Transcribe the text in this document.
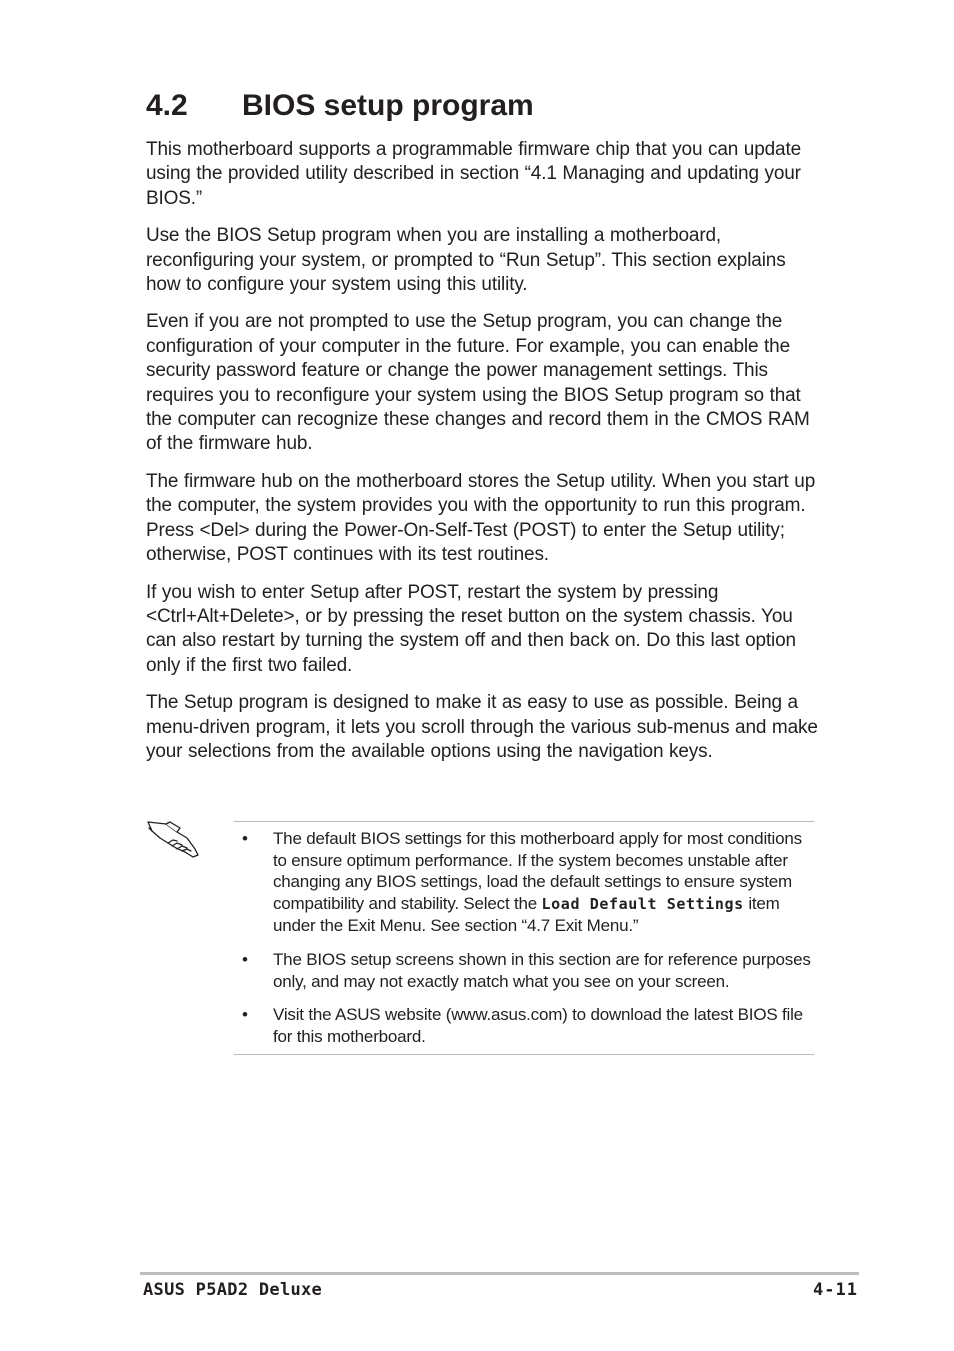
4.2 BIOS setup program

This motherboard supports a programmable firmware chip that you can update using the provided utility described in section “4.1 Managing and updating your BIOS.”

Use the BIOS Setup program when you are installing a motherboard, reconfiguring your system, or prompted to “Run Setup”. This section explains how to configure your system using this utility.

Even if you are not prompted to use the Setup program, you can change the configuration of your computer in the future. For example, you can enable the security password feature or change the power management settings. This requires you to reconfigure your system using the BIOS Setup program so that the computer can recognize these changes and record them in the CMOS RAM of the firmware hub.

The firmware hub on the motherboard stores the Setup utility. When you start up the computer, the system provides you with the opportunity to run this program. Press <Del> during the Power-On-Self-Test (POST) to enter the Setup utility; otherwise, POST continues with its test routines.

If you wish to enter Setup after POST, restart the system by pressing <Ctrl+Alt+Delete>, or by pressing the reset button on the system chassis. You can also restart by turning the system off and then back on. Do this last option only if the first two failed.

The Setup program is designed to make it as easy to use as possible. Being a menu-driven program, it lets you scroll through the various sub-menus and make your selections from the available options using the navigation keys.

• The default BIOS settings for this motherboard apply for most conditions to ensure optimum performance. If the system becomes unstable after changing any BIOS settings, load the default settings to ensure system compatibility and stability. Select the Load Default Settings item under the Exit Menu. See section “4.7 Exit Menu.”
• The BIOS setup screens shown in this section are for reference purposes only, and may not exactly match what you see on your screen.
• Visit the ASUS website (www.asus.com) to download the latest BIOS file for this motherboard.
ASUS P5AD2 Deluxe	4-11
